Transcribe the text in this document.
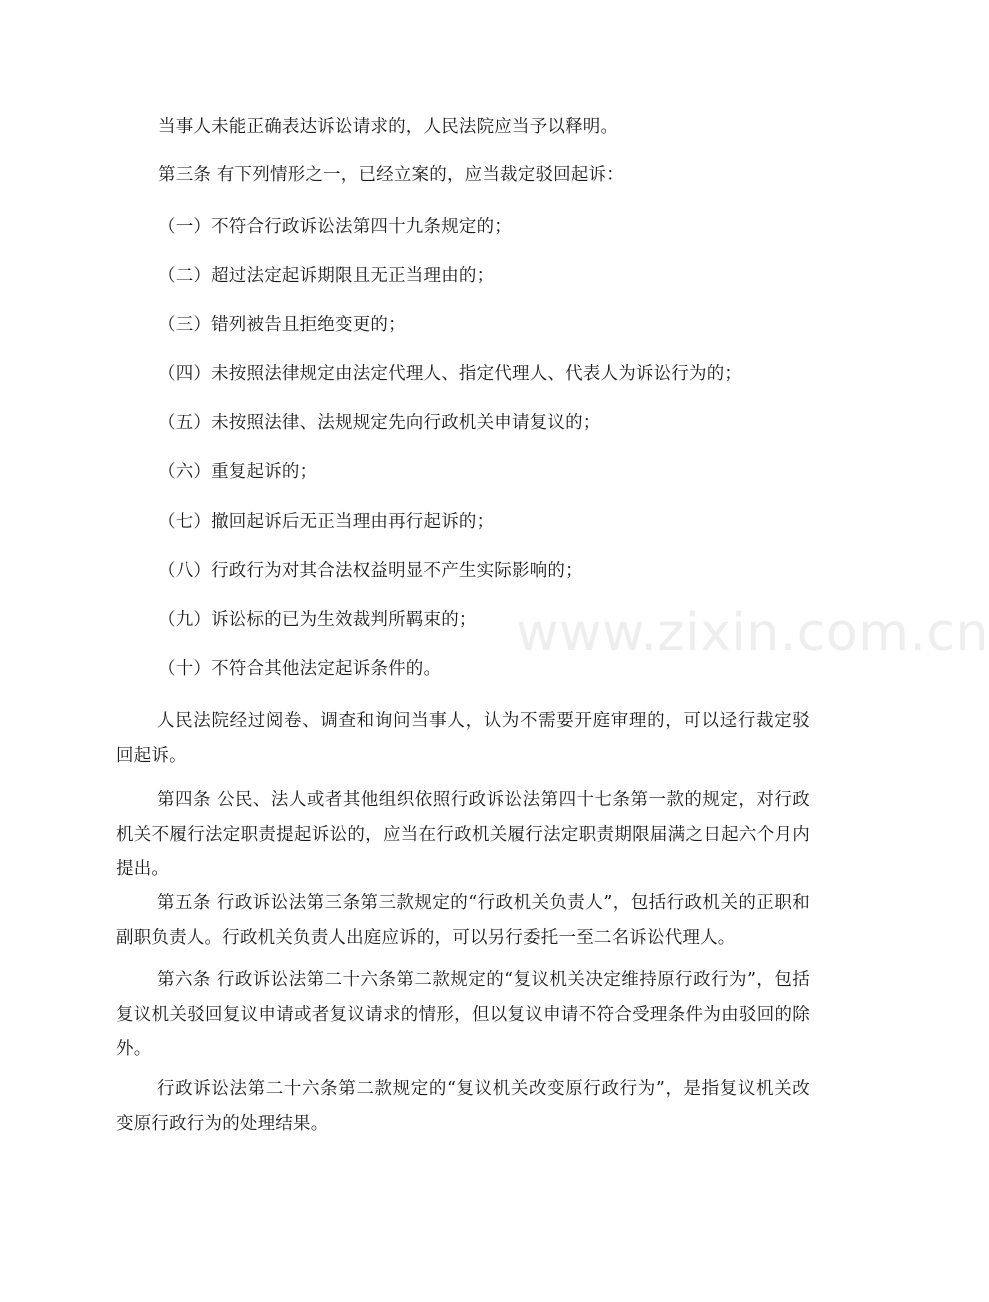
当事人未能正确表达诉讼请求的，人民法院应当予以释明。
第三条 有下列情形之一，已经立案的，应当裁定驳回起诉：
（一）不符合行政诉讼法第四十九条规定的；
（二）超过法定起诉期限且无正当理由的；
（三）错列被告且拒绝变更的；
（四）未按照法律规定由法定代理人、指定代理人、代表人为诉讼行为的；
（五）未按照法律、法规规定先向行政机关申请复议的；
（六）重复起诉的；
（七）撤回起诉后无正当理由再行起诉的；
（八）行政行为对其合法权益明显不产生实际影响的；
（九）诉讼标的已为生效裁判所羁束的；
（十）不符合其他法定起诉条件的。
人民法院经过阅卷、调查和询问当事人，认为不需要开庭审理的，可以迳行裁定驳回起诉。
第四条 公民、法人或者其他组织依照行政诉讼法第四十七条第一款的规定，对行政机关不履行法定职责提起诉讼的，应当在行政机关履行法定职责期限届满之日起六个月内提出。
第五条 行政诉讼法第三条第三款规定的“行政机关负责人”，包括行政机关的正职和副职负责人。行政机关负责人出庭应诉的，可以另行委托一至二名诉讼代理人。
第六条 行政诉讼法第二十六条第二款规定的“复议机关决定维持原行政行为”，包括复议机关驳回复议申请或者复议请求的情形，但以复议申请不符合受理条件为由驳回的除外。
行政诉讼法第二十六条第二款规定的“复议机关改变原行政行为”，是指复议机关改变原行政行为的处理结果。
www.zixin.com.cn
